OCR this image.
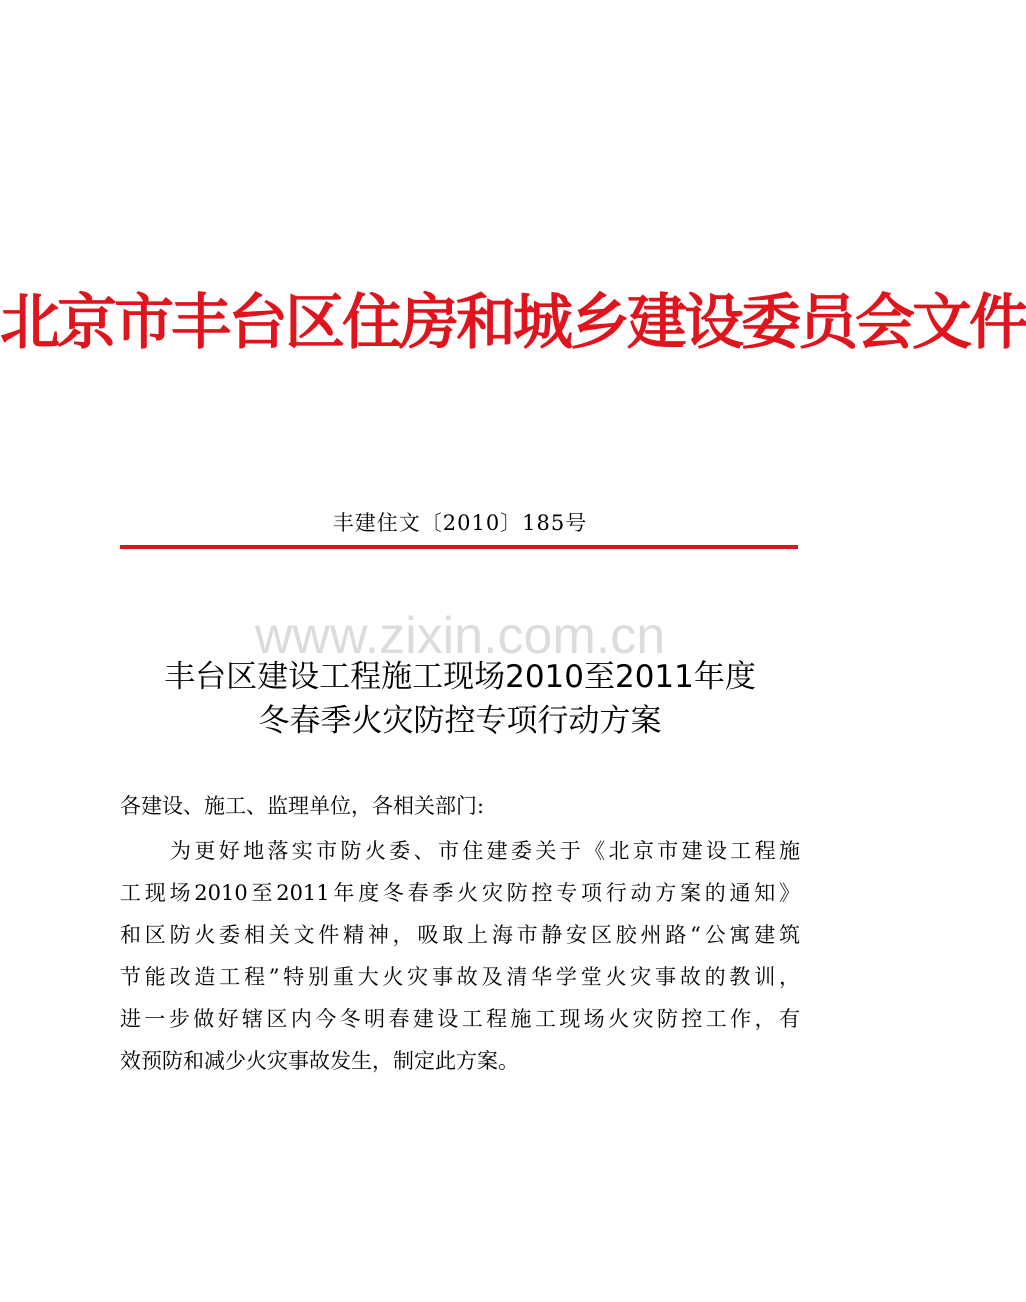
北京市丰台区住房和城乡建设委员会文件
丰建住文〔2010〕185号
www.zixin.com.cn
丰台区建设工程施工现场2010至2011年度
冬春季火灾防控专项行动方案
各建设、施工、监理单位，各相关部门:
为更好地落实市防火委、市住建委关于《北京市建设工程施
工现场2010至2011年度冬春季火灾防控专项行动方案的通知》
和区防火委相关文件精神，吸取上海市静安区胶州路“公寓建筑
节能改造工程”特别重大火灾事故及清华学堂火灾事故的教训，
进一步做好辖区内今冬明春建设工程施工现场火灾防控工作，有
效预防和减少火灾事故发生，制定此方案。
